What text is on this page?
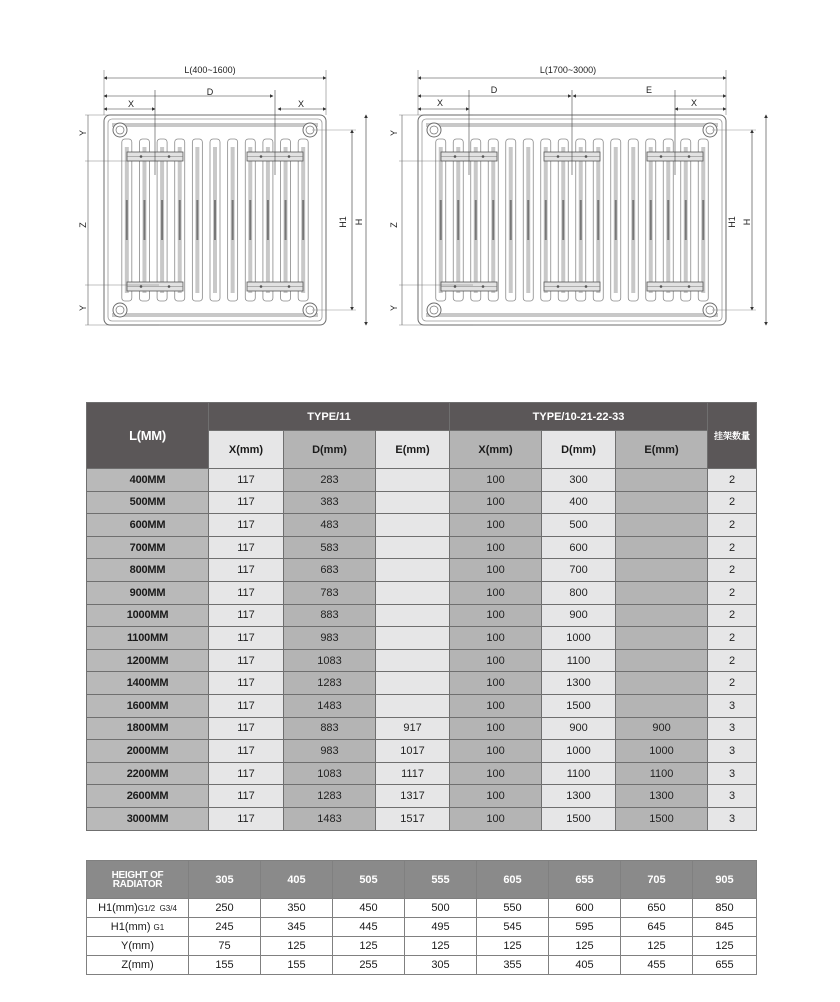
L(400~1600)
D
X	X
Y
Z
Y
H1 H
L(1700~3000)
D	E
X	X
Y
Z
Y
H1 H
L(MM)	TYPE/11			TYPE/10-21-22-33			挂架数量
	X(mm)	D(mm)	E(mm)	X(mm)	D(mm)	E(mm)	
400MM	117	283		100	300		2
500MM	117	383		100	400		2
600MM	117	483		100	500		2
700MM	117	583		100	600		2
800MM	117	683		100	700		2
900MM	117	783		100	800		2
1000MM	117	883		100	900		2
1100MM	117	983		100	1000		2
1200MM	117	1083		100	1100		2
1400MM	117	1283		100	1300		2
1600MM	117	1483		100	1500		3
1800MM	117	883	917	100	900	900	3
2000MM	117	983	1017	100	1000	1000	3
2200MM	117	1083	1117	100	1100	1100	3
2600MM	117	1283	1317	100	1300	1300	3
3000MM	117	1483	1517	100	1500	1500	3
HEIGHT OF
RADIATOR	305	405	505	555	605	655	705	905
H1(mm)G1/2  G3/4	250	350	450	500	550	600	650	850
H1(mm) G1	245	345	445	495	545	595	645	845
Y(mm)	75	125	125	125	125	125	125	125
Z(mm)	155	155	255	305	355	405	455	655
